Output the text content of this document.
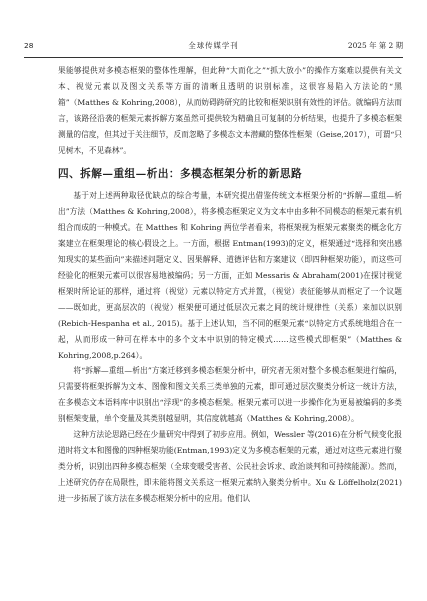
28	全球传媒学刊	2025 年 第 2 期

果能够提供对多模态框架的整体性理解，但此种“大而化之”“抓大放小”的操作方案难以提供有关文本、视觉元素以及图文关系等方面的清晰且透明的识别标准，这很容易陷入方法论的“黑箱”（Matthes & Kohring,2008），从而妨碍跨研究的比较和框架识别有效性的评估。就编码方法而言，该路径沿袭的框架元素拆解方案虽然可提供较为精确且可复制的分析结果，也提升了多模态框架测量的信度，但其过于关注细节，反而忽略了多模态文本潜藏的整体性框架（Geise,2017），可谓“只见树木，不见森林”。

四、拆解—重组—析出：多模态框架分析的新思路

基于对上述两种取径优缺点的综合考量，本研究提出借鉴传统文本框架分析的“拆解—重组—析出”方法（Matthes & Kohring,2008），将多模态框架定义为文本中由多种不同模态的框架元素有机组合而成的一种模式。在 Matthes 和 Kohring 两位学者看来，将框架视为框架元素聚类的概念化方案建立在框架理论的核心假设之上。一方面，根据 Entman(1993)的定义，框架通过“选择和突出感知现实的某些面向”来描述问题定义、因果解释、道德评估和方案建议（即四种框架功能），而这些可经验化的框架元素可以很容易地被编码；另一方面，正如 Messaris & Abraham(2001)在探讨视觉框架时所论证的那样，通过将（视觉）元素以特定方式并置，（视觉）表征能够从而框定了一个议题——既如此，更高层次的（视觉）框架便可通过低层次元素之间的统计规律性（关系）来加以识别(Rebich-Hespanha et al., 2015)。基于上述认知，当不同的框架元素“以特定方式系统地组合在一起，从而形成一种可在样本中的多个文本中识别的特定模式……这些模式即框架”（Matthes & Kohring,2008,p.264）。

将“拆解—重组—析出”方案迁移到多模态框架分析中，研究者无须对整个多模态框架进行编码，只需要将框架拆解为文本、图像和图文关系三类单独的元素，即可通过层次聚类分析这一统计方法，在多模态文本语料库中识别出“浮现”的多模态框架。框架元素可以进一步操作化为更易被编码的多类别框架变量，单个变量及其类别越显明，其信度就越高（Matthes & Kohring,2008）。

这种方法论思路已经在少量研究中得到了初步应用。例如，Wessler 等(2016)在分析气候变化报道时将文本和图像的四种框架功能(Entman,1993)定义为多模态框架的元素，通过对这些元素进行聚类分析，识别出四种多模态框架（全球变暖受害者、公民社会诉求、政治谈判和可持续能源）。然而，上述研究仍存在局限性，即未能将图文关系这一框架元素纳入聚类分析中。Xu & Löffelholz(2021)进一步拓展了该方法在多模态框架分析中的应用。他们认
